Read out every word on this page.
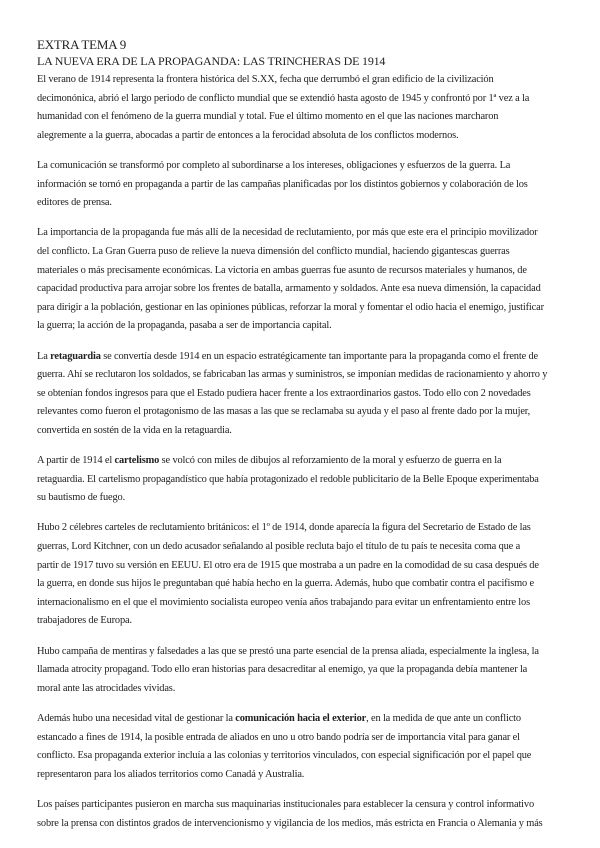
EXTRA TEMA 9
LA NUEVA ERA DE LA PROPAGANDA: LAS TRINCHERAS DE 1914
El verano de 1914 representa la frontera histórica del S.XX, fecha que derrumbó el gran edificio de la civilización
decimonónica, abrió el largo periodo de conflicto mundial que se extendió hasta agosto de 1945 y confrontó por 1ª vez a la
humanidad con el fenómeno de la guerra mundial y total. Fue el último momento en el que las naciones marcharon
alegremente a la guerra, abocadas a partir de entonces a la ferocidad absoluta de los conflictos modernos.
La comunicación se transformó por completo al subordinarse a los intereses, obligaciones y esfuerzos de la guerra. La
información se tornó en propaganda a partir de las campañas planificadas por los distintos gobiernos y colaboración de los
editores de prensa.
La importancia de la propaganda fue más allí de la necesidad de reclutamiento, por más que este era el principio movilizador
del conflicto. La Gran Guerra puso de relieve la nueva dimensión del conflicto mundial, haciendo gigantescas guerras
materiales o más precisamente económicas. La victoria en ambas guerras fue asunto de recursos materiales y humanos, de
capacidad productiva para arrojar sobre los frentes de batalla, armamento y soldados. Ante esa nueva dimensión, la capacidad
para dirigir a la población, gestionar en las opiniones públicas, reforzar la moral y fomentar el odio hacia el enemigo, justificar
la guerra; la acción de la propaganda, pasaba a ser de importancia capital.
La retaguardia se convertía desde 1914 en un espacio estratégicamente tan importante para la propaganda como el frente de
guerra. Ahí se reclutaron los soldados, se fabricaban las armas y suministros, se imponían medidas de racionamiento y ahorro y
se obtenían fondos ingresos para que el Estado pudiera hacer frente a los extraordinarios gastos. Todo ello con 2 novedades
relevantes como fueron el protagonismo de las masas a las que se reclamaba su ayuda y el paso al frente dado por la mujer,
convertida en sostén de la vida en la retaguardia.
A partir de 1914 el cartelismo se volcó con miles de dibujos al reforzamiento de la moral y esfuerzo de guerra en la
retaguardia. El cartelismo propagandístico que había protagonizado el redoble publicitario de la Belle Epoque experimentaba
su bautismo de fuego.
Hubo 2 célebres carteles de reclutamiento británicos: el 1º de 1914, donde aparecía la figura del Secretario de Estado de las
guerras, Lord Kitchner, con un dedo acusador señalando al posible recluta bajo el título de tu país te necesita coma que a
partir de 1917 tuvo su versión en EEUU. El otro era de 1915 que mostraba a un padre en la comodidad de su casa después de
la guerra, en donde sus hijos le preguntaban qué había hecho en la guerra. Además, hubo que combatir contra el pacifismo e
internacionalismo en el que el movimiento socialista europeo venía años trabajando para evitar un enfrentamiento entre los
trabajadores de Europa.
Hubo campaña de mentiras y falsedades a las que se prestó una parte esencial de la prensa aliada, especialmente la inglesa, la
llamada atrocity propagand. Todo ello eran historias para desacreditar al enemigo, ya que la propaganda debía mantener la
moral ante las atrocidades vividas.
Además hubo una necesidad vital de gestionar la comunicación hacia el exterior, en la medida de que ante un conflicto
estancado a fines de 1914, la posible entrada de aliados en uno u otro bando podría ser de importancia vital para ganar el
conflicto. Esa propaganda exterior incluía a las colonias y territorios vinculados, con especial significación por el papel que
representaron para los aliados territorios como Canadá y Australia.
Los países participantes pusieron en marcha sus maquinarias institucionales para establecer la censura y control informativo
sobre la prensa con distintos grados de intervencionismo y vigilancia de los medios, más estricta en Francia o Alemania y más
